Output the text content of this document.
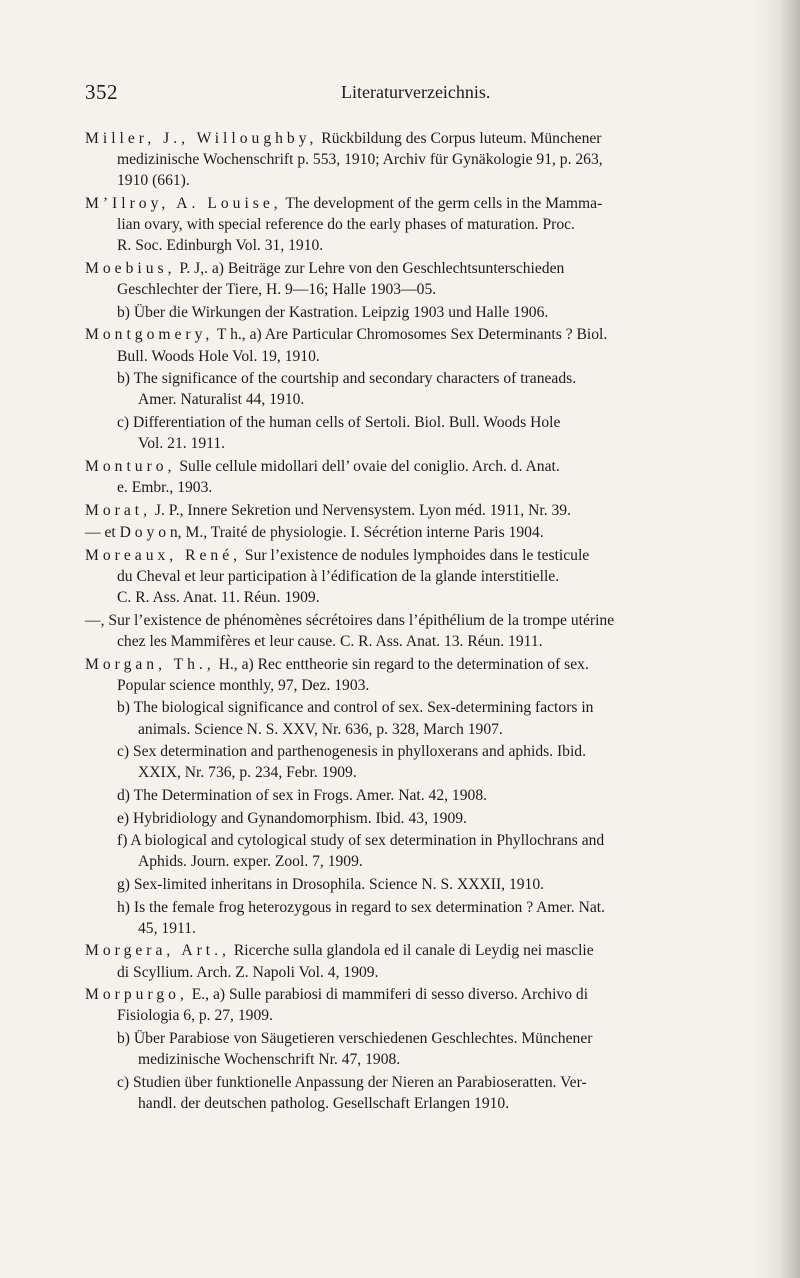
352	Literaturverzeichnis.
Miller, J., Willoughby, Rückbildung des Corpus luteum. Münchener
medizinische Wochenschrift p. 553, 1910; Archiv für Gynäkologie 91, p. 263,
1910 (661).
M’Ilroy, A. Louise, The development of the germ cells in the Mamma-
lian ovary, with special reference do the early phases of maturation. Proc.
R. Soc. Edinburgh Vol. 31, 1910.
Moebius, P. J,. a) Beiträge zur Lehre von den Geschlechtsunterschieden
Geschlechter der Tiere, H. 9—16; Halle 1903—05.
b) Über die Wirkungen der Kastration. Leipzig 1903 und Halle 1906.
Montgomery, T h., a) Are Particular Chromosomes Sex Determinants ? Biol.
Bull. Woods Hole Vol. 19, 1910.
b) The significance of the courtship and secondary characters of traneads.
Amer. Naturalist 44, 1910.
c) Differentiation of the human cells of Sertoli. Biol. Bull. Woods Hole
Vol. 21. 1911.
Monturo, Sulle cellule midollari dell’ ovaie del coniglio. Arch. d. Anat.
e. Embr., 1903.
Morat, J. P., Innere Sekretion und Nervensystem. Lyon méd. 1911, Nr. 39.
— et D o y o n, M., Traité de physiologie. I. Sécrétion interne Paris 1904.
Moreaux, René, Sur l’existence de nodules lymphoides dans le testicule
du Cheval et leur participation à l’édification de la glande interstitielle.
C. R. Ass. Anat. 11. Réun. 1909.
—, Sur l’existence de phénomènes sécrétoires dans l’épithélium de la trompe utérine
chez les Mammifères et leur cause. C. R. Ass. Anat. 13. Réun. 1911.
Morgan, Th., H., a) Rec enttheorie sin regard to the determination of sex.
Popular science monthly, 97, Dez. 1903.
b) The biological significance and control of sex. Sex-determining factors in
animals. Science N. S. XXV, Nr. 636, p. 328, March 1907.
c) Sex determination and parthenogenesis in phylloxerans and aphids. Ibid.
XXIX, Nr. 736, p. 234, Febr. 1909.
d) The Determination of sex in Frogs. Amer. Nat. 42, 1908.
e) Hybridiology and Gynandomorphism. Ibid. 43, 1909.
f) A biological and cytological study of sex determination in Phyllochrans and
Aphids. Journ. exper. Zool. 7, 1909.
g) Sex-limited inheritans in Drosophila. Science N. S. XXXII, 1910.
h) Is the female frog heterozygous in regard to sex determination ? Amer. Nat.
45, 1911.
Morgera, Art., Ricerche sulla glandola ed il canale di Leydig nei masclie
di Scyllium. Arch. Z. Napoli Vol. 4, 1909.
Morpurgo, E., a) Sulle parabiosi di mammiferi di sesso diverso. Archivo di
Fisiologia 6, p. 27, 1909.
b) Über Parabiose von Säugetieren verschiedenen Geschlechtes. Münchener
medizinische Wochenschrift Nr. 47, 1908.
c) Studien über funktionelle Anpassung der Nieren an Parabioseratten. Ver-
handl. der deutschen patholog. Gesellschaft Erlangen 1910.
